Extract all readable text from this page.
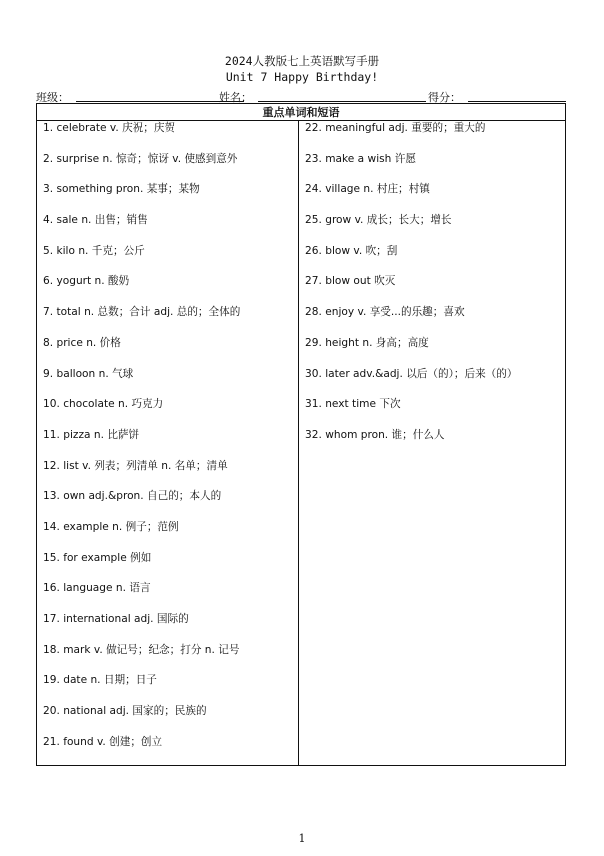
2024人教版七上英语默写手册
Unit 7 Happy Birthday!
班级：	姓名：	得分：
重点单词和短语

1. celebrate v. 庆祝；庆贺
2. surprise n. 惊奇；惊讶 v. 使感到意外
3. something pron. 某事；某物
4. sale n. 出售；销售
5. kilo n. 千克；公斤
6. yogurt n. 酸奶
7. total n. 总数；合计 adj. 总的；全体的
8. price n. 价格
9. balloon n. 气球
10. chocolate n. 巧克力
11. pizza n. 比萨饼
12. list v. 列表；列清单 n. 名单；清单
13. own adj.&pron. 自己的；本人的
14. example n. 例子；范例
15. for example 例如
16. language n. 语言
17. international adj. 国际的
18. mark v. 做记号；纪念；打分 n. 记号
19. date n. 日期；日子
20. national adj. 国家的；民族的
21. found v. 创建；创立

22. meaningful adj. 重要的；重大的
23. make a wish 许愿
24. village n. 村庄；村镇
25. grow v. 成长；长大；增长
26. blow v. 吹；刮
27. blow out 吹灭
28. enjoy v. 享受...的乐趣；喜欢
29. height n. 身高；高度
30. later adv.&adj. 以后（的）；后来（的）
31. next time 下次
32. whom pron. 谁；什么人
1
